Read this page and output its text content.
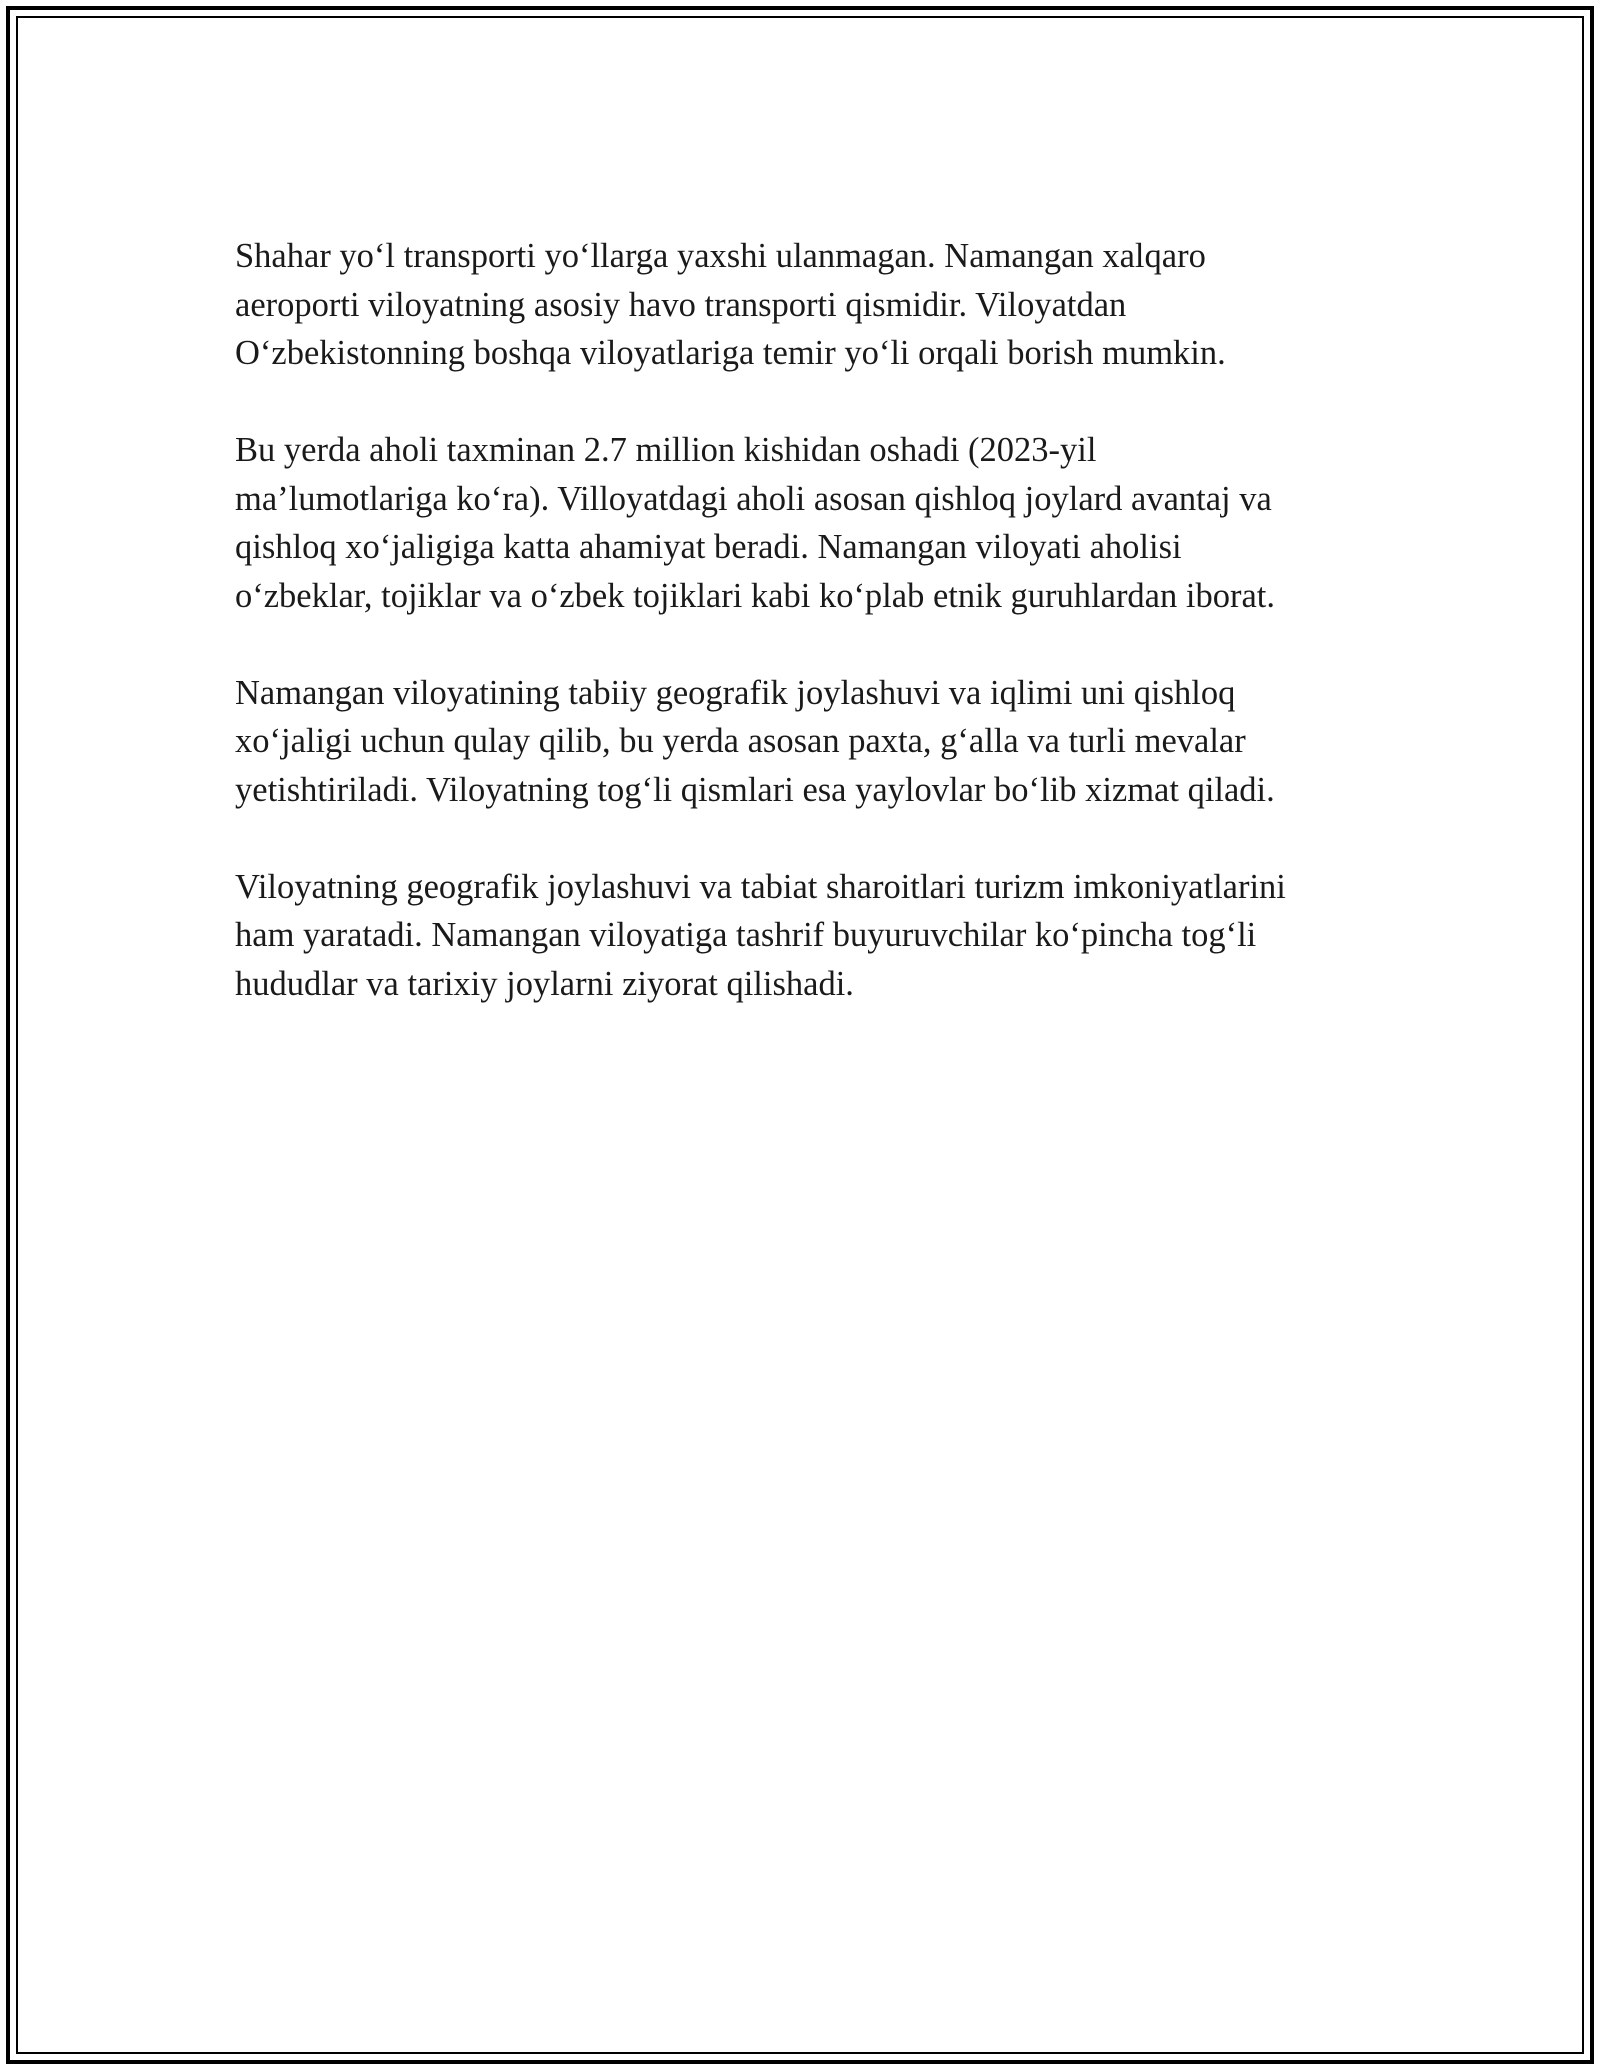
Shahar yo‘l transporti yo‘llarga yaxshi ulanmagan. Namangan xalqaro
aeroporti viloyatning asosiy havo transporti qismidir. Viloyatdan
O‘zbekistonning boshqa viloyatlariga temir yo‘li orqali borish mumkin.

Bu yerda aholi taxminan 2.7 million kishidan oshadi (2023-yil
ma’lumotlariga ko‘ra). Villoyatdagi aholi asosan qishloq joylard avantaj va
qishloq xo‘jaligiga katta ahamiyat beradi. Namangan viloyati aholisi
o‘zbeklar, tojiklar va o‘zbek tojiklari kabi ko‘plab etnik guruhlardan iborat.

Namangan viloyatining tabiiy geografik joylashuvi va iqlimi uni qishloq
xo‘jaligi uchun qulay qilib, bu yerda asosan paxta, g‘alla va turli mevalar
yetishtiriladi. Viloyatning tog‘li qismlari esa yaylovlar bo‘lib xizmat qiladi.

Viloyatning geografik joylashuvi va tabiat sharoitlari turizm imkoniyatlarini
ham yaratadi. Namangan viloyatiga tashrif buyuruvchilar ko‘pincha tog‘li
hududlar va tarixiy joylarni ziyorat qilishadi.
